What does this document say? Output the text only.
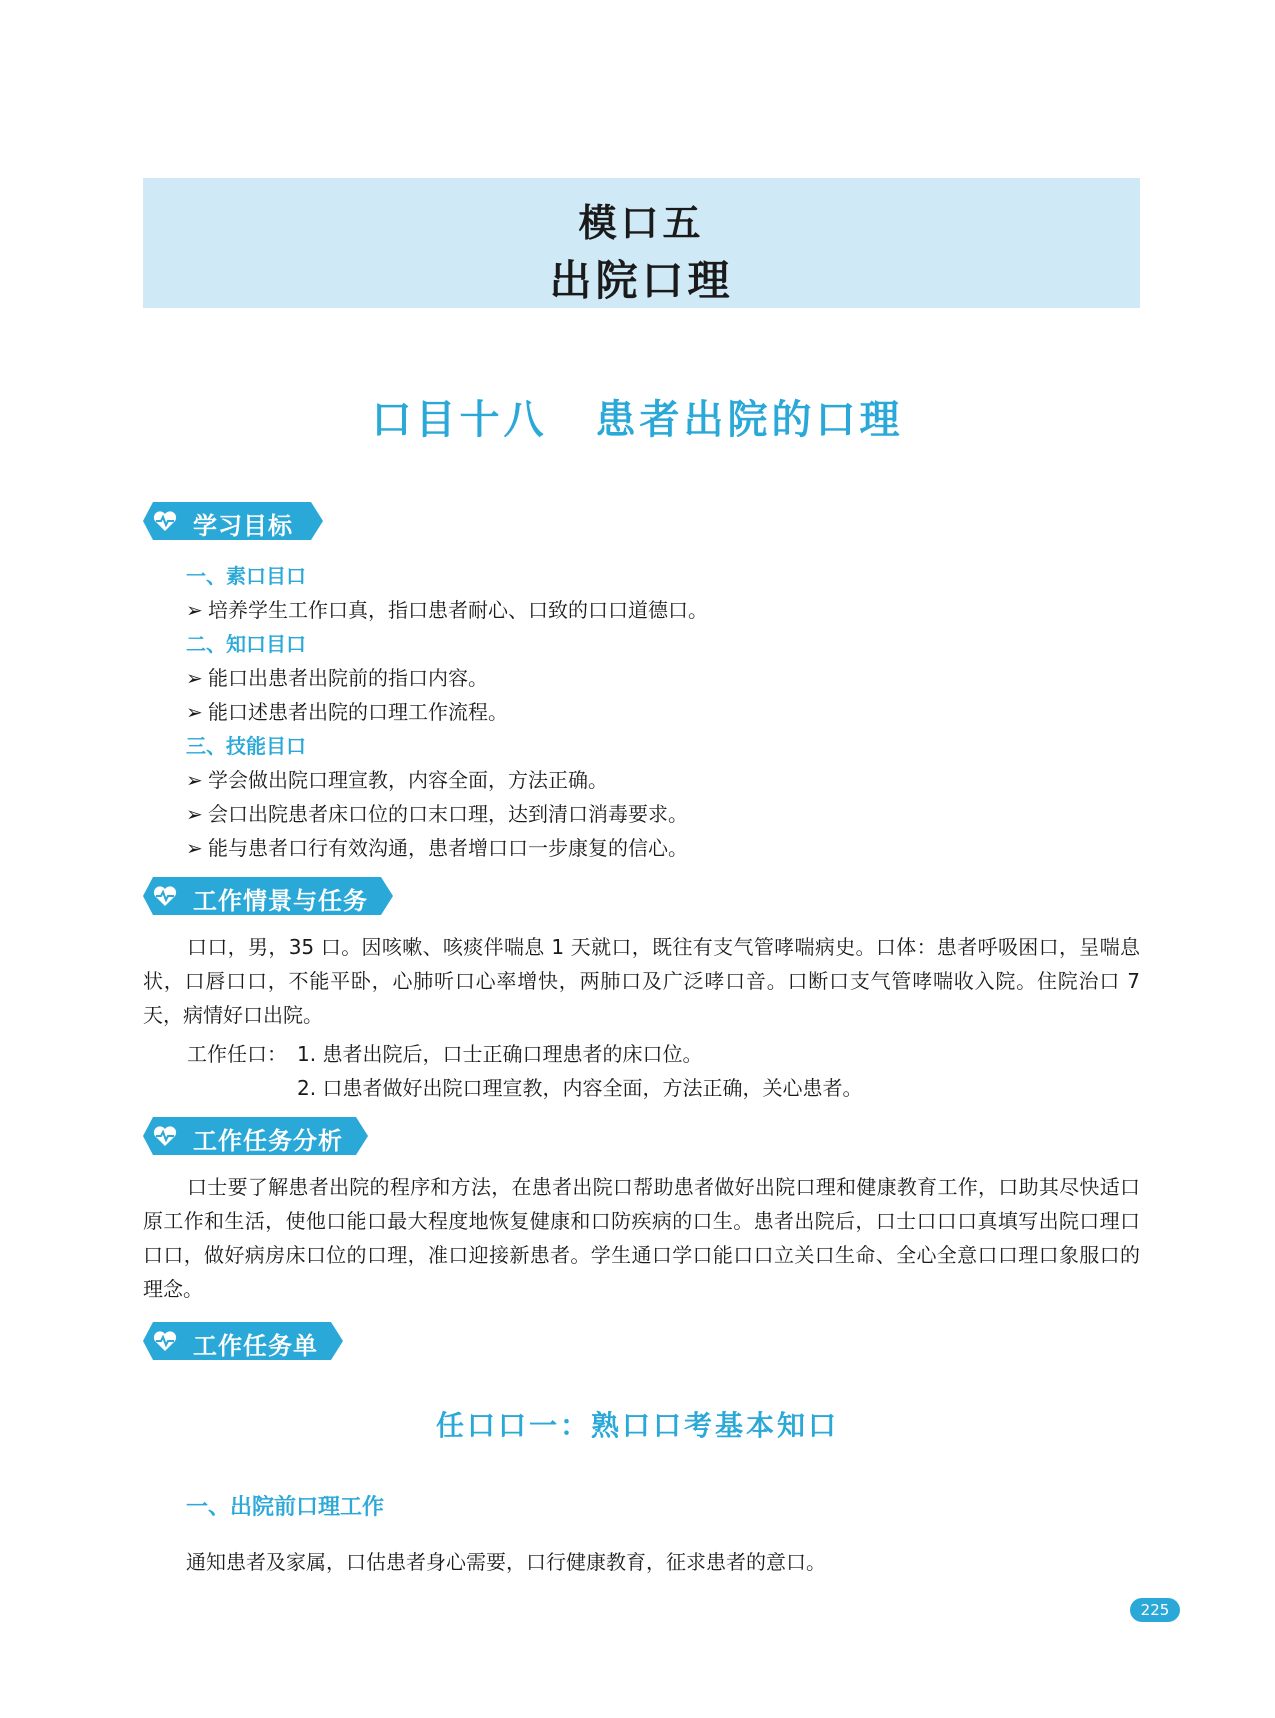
模口五
出院口理
口目十八 患者出院的口理
学习目标
一、素口目口
➢ 培养学生工作口真，指口患者耐心、口致的口口道德口。
二、知口目口
➢ 能口出患者出院前的指口内容。
➢ 能口述患者出院的口理工作流程。
三、技能目口
➢ 学会做出院口理宣教，内容全面，方法正确。
➢ 会口出院患者床口位的口末口理，达到清口消毒要求。
➢ 能与患者口行有效沟通，患者增口口一步康复的信心。
工作情景与任务
口口，男，35 口。因咳嗽、咳痰伴喘息 1 天就口，既往有支气管哮喘病史。口体：患者呼吸困口，呈喘息状，口唇口口，不能平卧，心肺听口心率增快，两肺口及广泛哮口音。口断口支气管哮喘收入院。住院治口 7 天，病情好口出院。
工作任口： 1. 患者出院后，口士正确口理患者的床口位。
2. 口患者做好出院口理宣教，内容全面，方法正确，关心患者。
工作任务分析
口士要了解患者出院的程序和方法，在患者出院口帮助患者做好出院口理和健康教育工作，口助其尽快适口原工作和生活，使他口能口最大程度地恢复健康和口防疾病的口生。患者出院后，口士口口口真填写出院口理口口口，做好病房床口位的口理，准口迎接新患者。学生通口学口能口口立关口生命、全心全意口口理口象服口的理念。
工作任务单
任口口一：熟口口考基本知口
一、出院前口理工作
通知患者及家属，口估患者身心需要，口行健康教育，征求患者的意口。
225
